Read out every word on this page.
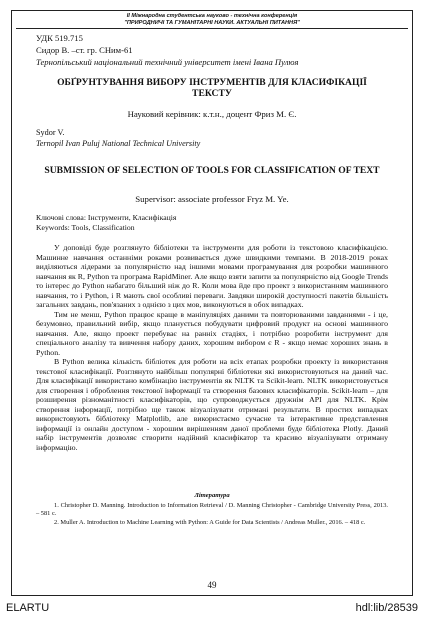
ІІ Міжнародна студентська науково - технічна конференція
"ПРИРОДНИЧІ ТА ГУМАНІТАРНІ НАУКИ. АКТУАЛЬНІ ПИТАННЯ"

УДК 519.715

Сидор В. –ст. гр. СНим-61

Тернопільський національний технічний університет імені Івана Пулюя

ОБҐРУНТУВАННЯ ВИБОРУ ІНСТРУМЕНТІВ ДЛЯ КЛАСИФІКАЦІЇ ТЕКСТУ

Науковий керівник: к.т.н., доцент Фриз М. Є.

Sydor V.

Ternopil Ivan Puluj National Technical University

SUBMISSION OF SELECTION OF TOOLS FOR CLASSIFICATION OF TEXT

Supervisor: associate professor Fryz M. Ye.

Ключові слова: Інструменти, Класифікація

Keywords: Tools, Classification

У доповіді буде розглянуто бібліотеки та інструменти для роботи із текстовою класифікацією. Машинне навчання останніми роками розвивається дуже швидкими темпами. В 2018-2019 роках виділяються лідерами за популярністю над іншими мовами програмування для розробки машинного навчання як R, Python та програма RapidMiner. Але якщо взяти запити за популярністю від Google Trends то інтерес до Python набагато більший ніж до R. Коли мова йде про проект з використанням машинного навчання, то і Python, і R мають свої особливі переваги. Завдяки широкій доступності пакетів більшість загальних завдань, пов'язаних з однією з цих мов, виконуються в обох випадках.

Тим не менш, Python працює краще в маніпуляціях даними та повторюваними завданнями - і це, безумовно, правильний вибір, якщо планується побудувати цифровий продукт на основі машинного навчання. Але, якщо проект перебуває на ранніх стадіях, і потрібно розробити інструмент для спеціального аналізу та вивчення набору даних, хорошим вибором є R - якщо немає хороших знань в Python.

В Python велика кількість бібліотек для роботи на всіх етапах розробки проекту із використання текстової класифікації. Розглянуто найбільш популярні бібліотеки які використовуються на даний час. Для класифікації використано комбінацію інструментів як NLTK та Scikit-learn. NLTK використовується для створення і оброблення текстової інформації та створення базових класифікаторів. Scikit-learn – для розширення різноманітності класифікаторів, що супроводжується дружнім API для NLTK. Крім створення інформації, потрібно ще також візуалізувати отримані результати. В простих випадках використовують бібліотеку Matplotlib, але використаємо сучасне та інтерактивне представлення інформації із онлайн доступом - хорошим вирішенням даної проблеми буде бібліотека Plotly. Даний набір інструментів дозволяє створити надійний класифікатор та красиво візуалізувати отриману інформацію.

Література

1. Christopher D. Manning. Introduction to Information Retrieval / D. Manning Christopher - Cambridge University Press, 2013. – 581 с.

2. Muller A. Introduction to Machine Learning with Python: A Guide for Data Scientists / Andreas Muller., 2016. – 418 c.

49

ELARTU	hdl:lib/28539
